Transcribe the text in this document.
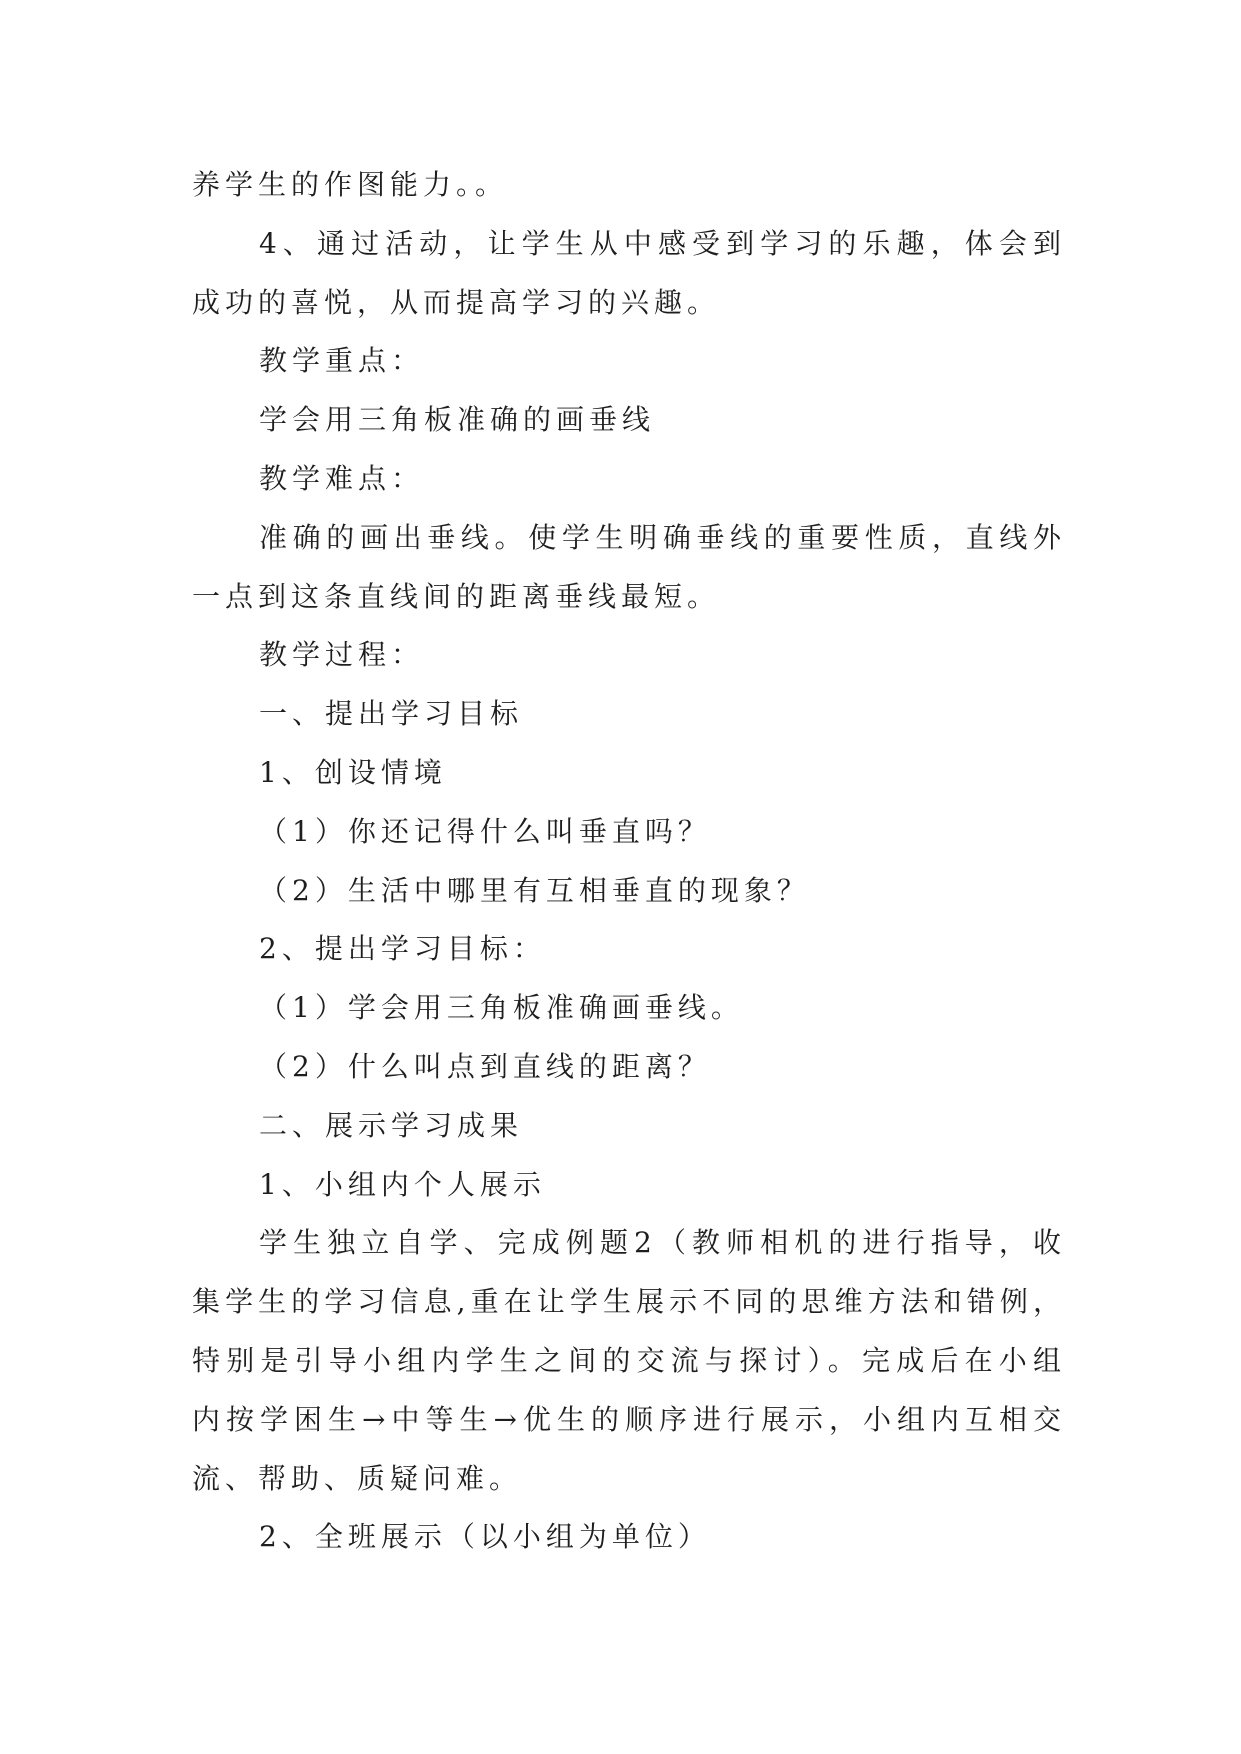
养学生的作图能力。。
4、通过活动，让学生从中感受到学习的乐趣，体会到
成功的喜悦，从而提高学习的兴趣。
教学重点：
学会用三角板准确的画垂线
教学难点：
准确的画出垂线。使学生明确垂线的重要性质，直线外
一点到这条直线间的距离垂线最短。
教学过程：
一、提出学习目标
1、创设情境
（1）你还记得什么叫垂直吗？
（2）生活中哪里有互相垂直的现象？
2、提出学习目标：
（1）学会用三角板准确画垂线。
（2）什么叫点到直线的距离？
二、展示学习成果
1、小组内个人展示
学生独立自学、完成例题2（教师相机的进行指导，收
集学生的学习信息,重在让学生展示不同的思维方法和错例，
特别是引导小组内学生之间的交流与探讨）。完成后在小组
内按学困生→中等生→优生的顺序进行展示，小组内互相交
流、帮助、质疑问难。
2、全班展示（以小组为单位）
